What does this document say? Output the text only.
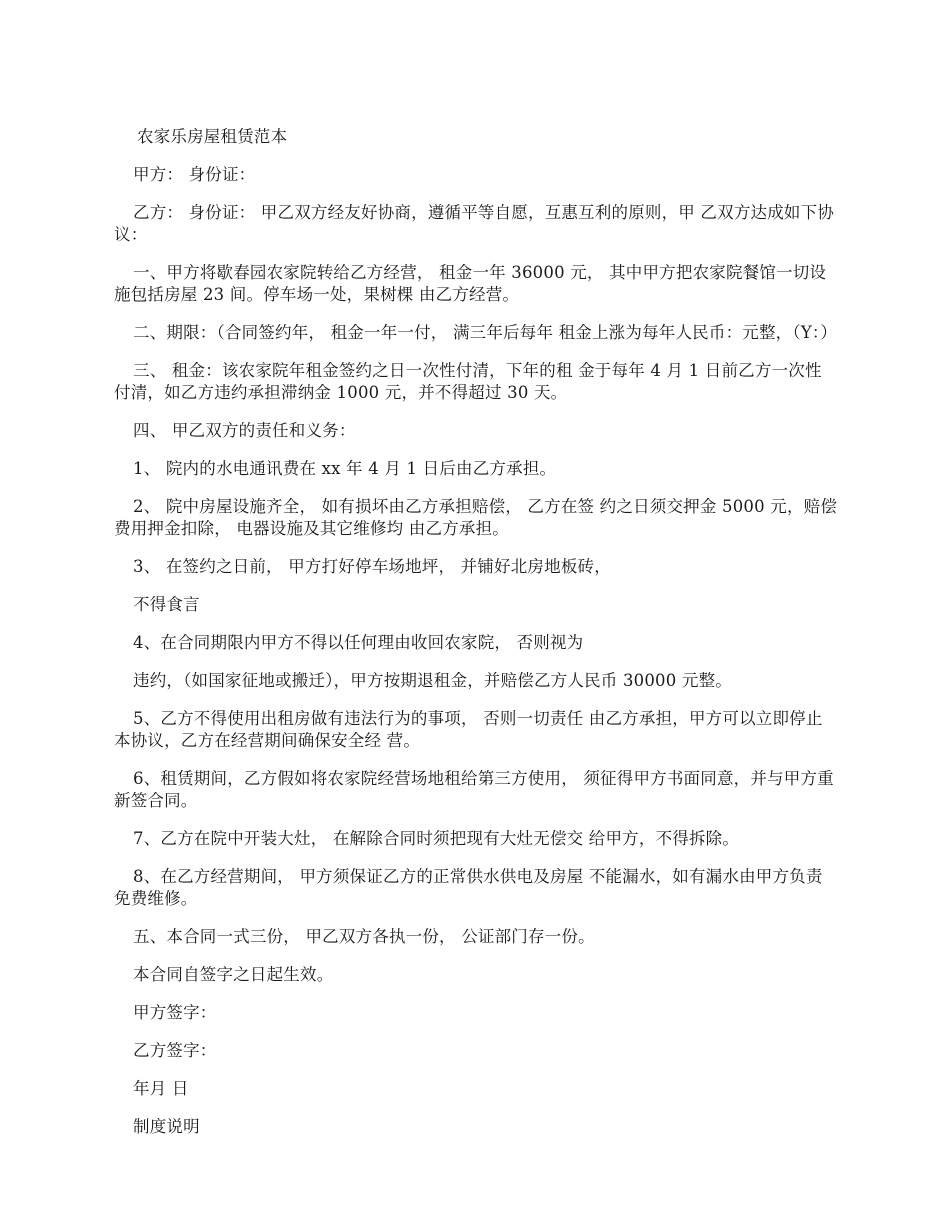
农家乐房屋租赁范本

甲方： 身份证：

乙方： 身份证： 甲乙双方经友好协商，遵循平等自愿，互惠互利的原则，甲 乙双方达成如下协议：

一、甲方将歇春园农家院转给乙方经营， 租金一年 36000 元， 其中甲方把农家院餐馆一切设施包括房屋 23 间。停车场一处，果树棵 由乙方经营。

二、期限：（合同签约年， 租金一年一付， 满三年后每年 租金上涨为每年人民币：元整，（Y：）

三、 租金：该农家院年租金签约之日一次性付清，下年的租 金于每年 4 月 1 日前乙方一次性付清，如乙方违约承担滞纳金 1000 元，并不得超过 30 天。

四、 甲乙双方的责任和义务：

1、 院内的水电通讯费在 xx 年 4 月 1 日后由乙方承担。

2、 院中房屋设施齐全， 如有损坏由乙方承担赔偿， 乙方在签 约之日须交押金 5000 元，赔偿费用押金扣除， 电器设施及其它维修均 由乙方承担。

3、 在签约之日前， 甲方打好停车场地坪， 并铺好北房地板砖，

不得食言

4、在合同期限内甲方不得以任何理由收回农家院， 否则视为

违约，（如国家征地或搬迁），甲方按期退租金，并赔偿乙方人民币 30000 元整。

5、乙方不得使用出租房做有违法行为的事项， 否则一切责任 由乙方承担，甲方可以立即停止本协议，乙方在经营期间确保安全经 营。

6、租赁期间，乙方假如将农家院经营场地租给第三方使用， 须征得甲方书面同意，并与甲方重新签合同。

7、乙方在院中开装大灶， 在解除合同时须把现有大灶无偿交 给甲方，不得拆除。

8、在乙方经营期间， 甲方须保证乙方的正常供水供电及房屋 不能漏水，如有漏水由甲方负责免费维修。

五、本合同一式三份， 甲乙双方各执一份， 公证部门存一份。

本合同自签字之日起生效。

甲方签字：

乙方签字：

年月 日

制度说明
